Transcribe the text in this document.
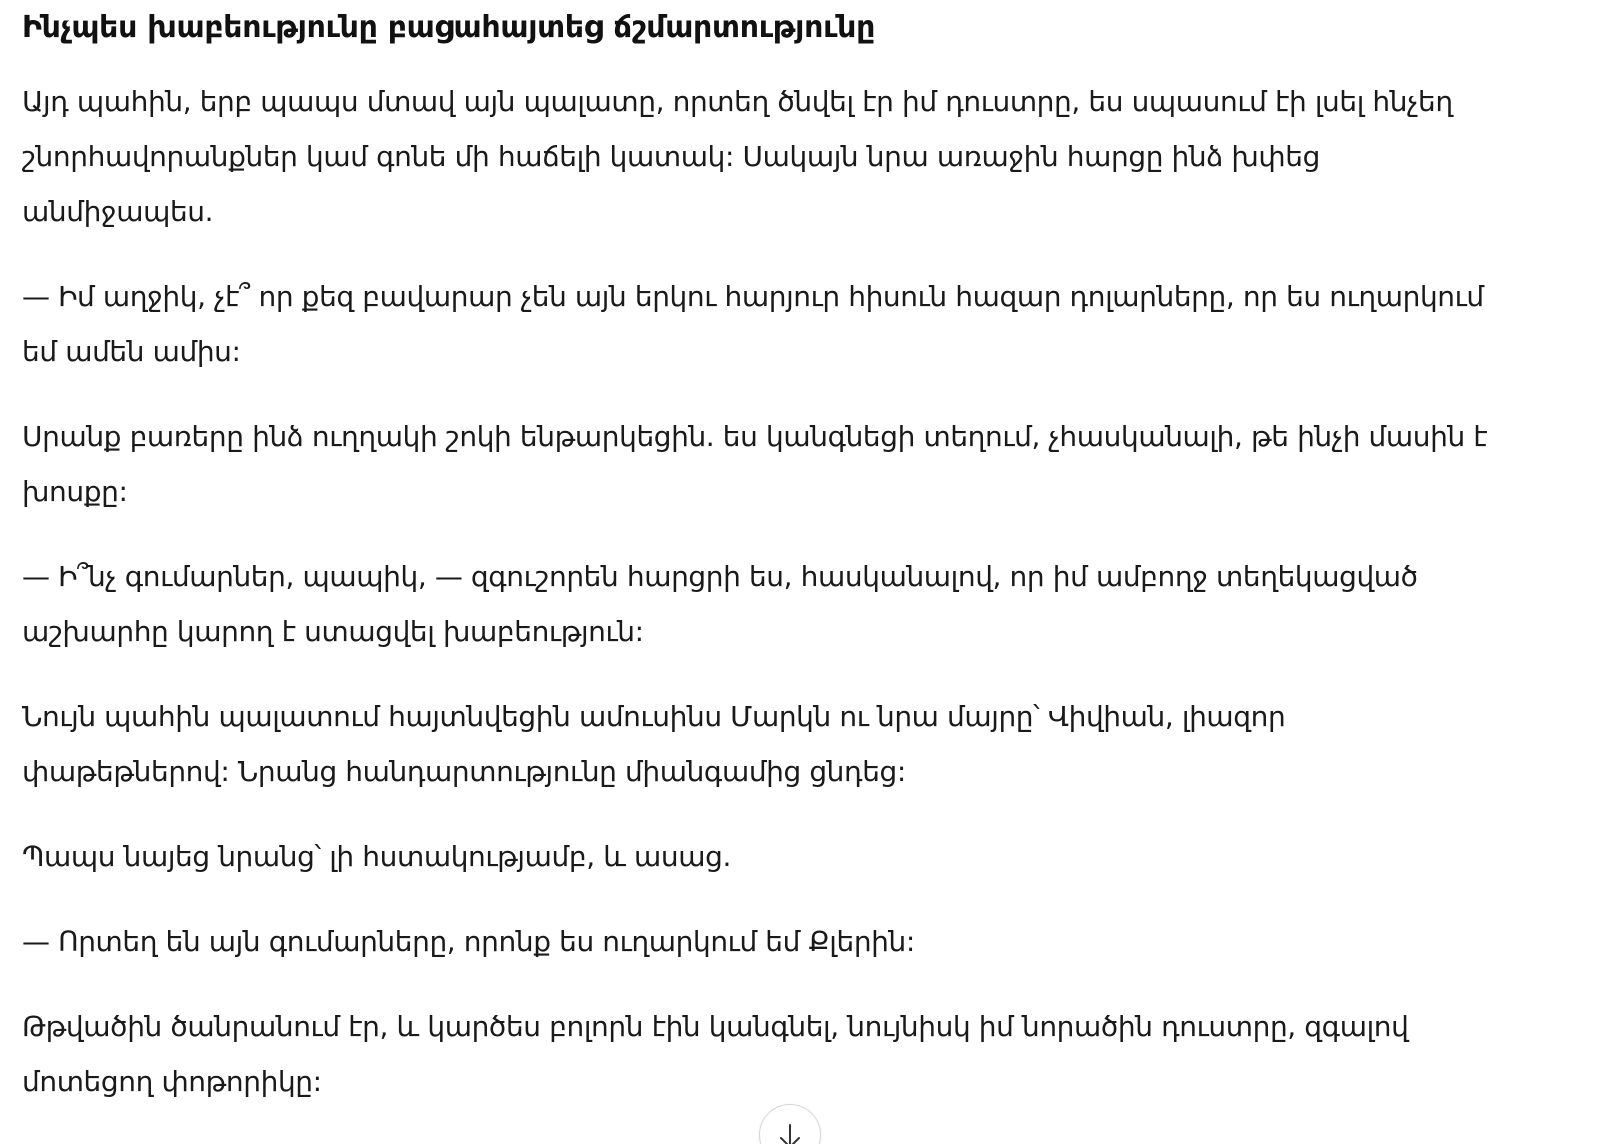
Ինչպես խաբեությունը բացահայտեց ճշմարտությունը

Այդ պահին, երբ պապս մտավ այն պալատը, որտեղ ծնվել էր իմ դուստրը, ես սպասում էի լսել հնչեղ
շնորհավորանքներ կամ գոնե մի հաճելի կատակ: Սակայն նրա առաջին հարցը ինձ խփեց
անմիջապես.

— Իմ աղջիկ, չէ՞ որ քեզ բավարար չեն այն երկու հարյուր հիսուն հազար դոլարները, որ ես ուղարկում
եմ ամեն ամիս:

Սրանք բառերը ինձ ուղղակի շոկի ենթարկեցին. ես կանգնեցի տեղում, չհասկանալի, թե ինչի մասին է
խոսքը:

— Ի՞նչ գումարներ, պապիկ, — զգուշորեն հարցրի ես, հասկանալով, որ իմ ամբողջ տեղեկացված
աշխարհը կարող է ստացվել խաբեություն:

Նույն պահին պալատում հայտնվեցին ամուսինս Մարկն ու նրա մայրը՝ Վիվիան, լիազոր
փաթեթներով: Նրանց հանդարտությունը միանգամից ցնդեց:

Պապս նայեց նրանց՝ լի հստակությամբ, և ասաց.

— Որտեղ են այն գումարները, որոնք ես ուղարկում եմ Քլերին:

Թթվածին ծանրանում էր, և կարծես բոլորն էին կանգնել, նույնիսկ իմ նորածին դուստրը, զգալով
մոտեցող փոթորիկը:
